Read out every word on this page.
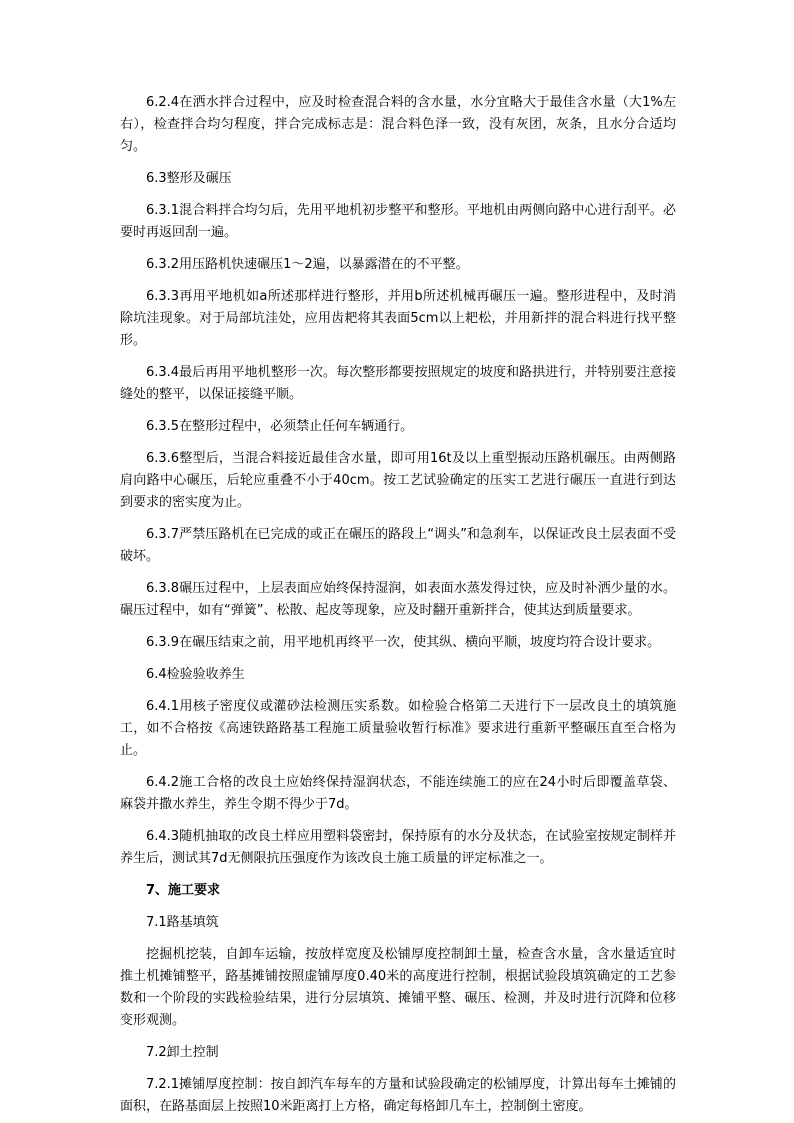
6.2.4在洒水拌合过程中，应及时检查混合料的含水量，水分宜略大于最佳含水量（大1%左右），检查拌合均匀程度，拌合完成标志是：混合料色泽一致，没有灰团，灰条，且水分合适均匀。

6.3整形及碾压

6.3.1混合料拌合均匀后，先用平地机初步整平和整形。平地机由两侧向路中心进行刮平。必要时再返回刮一遍。

6.3.2用压路机快速碾压1～2遍，以暴露潜在的不平整。

6.3.3再用平地机如a所述那样进行整形，并用b所述机械再碾压一遍。整形进程中，及时消除坑洼现象。对于局部坑洼处，应用齿耙将其表面5cm以上耙松，并用新拌的混合料进行找平整形。

6.3.4最后再用平地机整形一次。每次整形都要按照规定的坡度和路拱进行，并特别要注意接缝处的整平，以保证接缝平顺。

6.3.5在整形过程中，必须禁止任何车辆通行。

6.3.6整型后，当混合料接近最佳含水量，即可用16t及以上重型振动压路机碾压。由两侧路肩向路中心碾压，后轮应重叠不小于40cm。按工艺试验确定的压实工艺进行碾压一直进行到达到要求的密实度为止。

6.3.7严禁压路机在已完成的或正在碾压的路段上“调头”和急刹车，以保证改良土层表面不受破坏。

6.3.8碾压过程中，上层表面应始终保持湿润，如表面水蒸发得过快，应及时补洒少量的水。碾压过程中，如有“弹簧”、松散、起皮等现象，应及时翻开重新拌合，使其达到质量要求。

6.3.9在碾压结束之前，用平地机再终平一次，使其纵、横向平顺，坡度均符合设计要求。

6.4检验验收养生

6.4.1用核子密度仪或灌砂法检测压实系数。如检验合格第二天进行下一层改良土的填筑施工，如不合格按《高速铁路路基工程施工质量验收暂行标准》要求进行重新平整碾压直至合格为止。

6.4.2施工合格的改良土应始终保持湿润状态，不能连续施工的应在24小时后即覆盖草袋、麻袋并撒水养生，养生令期不得少于7d。

6.4.3随机抽取的改良土样应用塑料袋密封，保持原有的水分及状态，在试验室按规定制样并养生后，测试其7d无侧限抗压强度作为该改良土施工质量的评定标准之一。

7、施工要求

7.1路基填筑

挖掘机挖装，自卸车运输，按放样宽度及松铺厚度控制卸土量，检查含水量，含水量适宜时推土机摊铺整平，路基摊铺按照虚铺厚度0.40米的高度进行控制，根据试验段填筑确定的工艺参数和一个阶段的实践检验结果，进行分层填筑、摊铺平整、碾压、检测，并及时进行沉降和位移变形观测。

7.2卸土控制

7.2.1摊铺厚度控制：按自卸汽车每车的方量和试验段确定的松铺厚度，计算出每车土摊铺的面积，在路基面层上按照10米距离打上方格，确定每格卸几车土，控制倒土密度。
